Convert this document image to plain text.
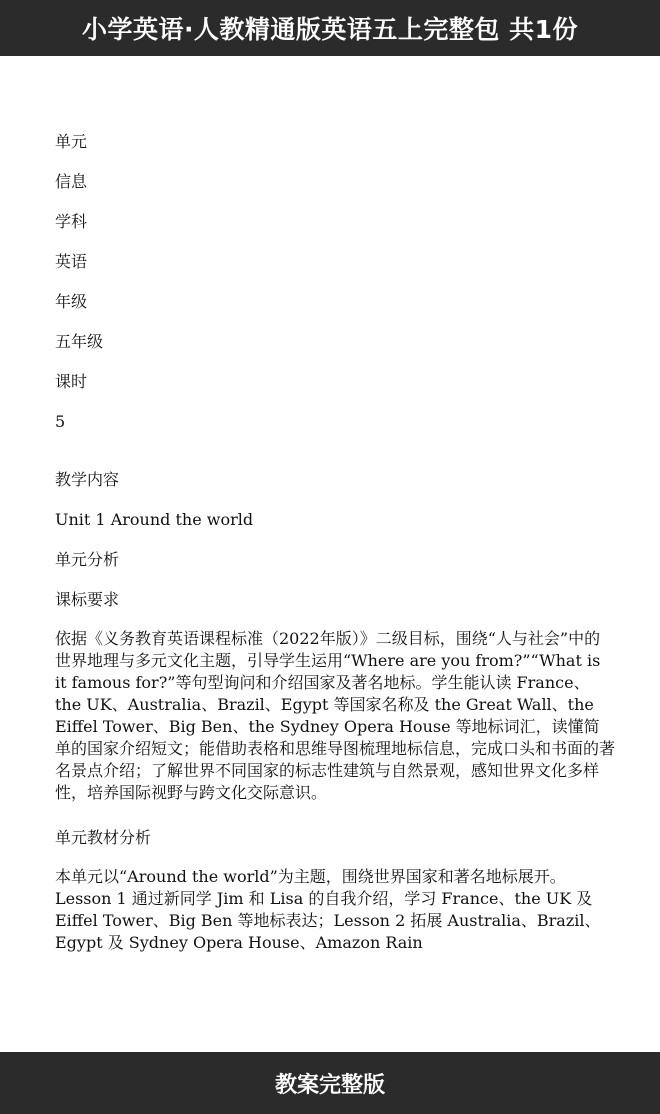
小学英语·人教精通版英语五上完整包 共1份
单元
信息
学科
英语
年级
五年级
课时
5
教学内容
Unit 1 Around the world
单元分析
课标要求

依据《义务教育英语课程标准（2022年版）》二级目标，围绕“人与社会”中的世界地理与多元文化主题，引导学生运用“Where are you from?”“What is it famous for?”等句型询问和介绍国家及著名地标。学生能认读 France、the UK、Australia、Brazil、Egypt 等国家名称及 the Great Wall、the Eiffel Tower、Big Ben、the Sydney Opera House 等地标词汇，读懂简单的国家介绍短文；能借助表格和思维导图梳理地标信息，完成口头和书面的著名景点介绍；了解世界不同国家的标志性建筑与自然景观，感知世界文化多样性，培养国际视野与跨文化交际意识。

单元教材分析

本单元以“Around the world”为主题，围绕世界国家和著名地标展开。Lesson 1 通过新同学 Jim 和 Lisa 的自我介绍，学习 France、the UK 及 Eiffel Tower、Big Ben 等地标表达；Lesson 2 拓展 Australia、Brazil、Egypt 及 Sydney Opera House、Amazon Rain

教案完整版
